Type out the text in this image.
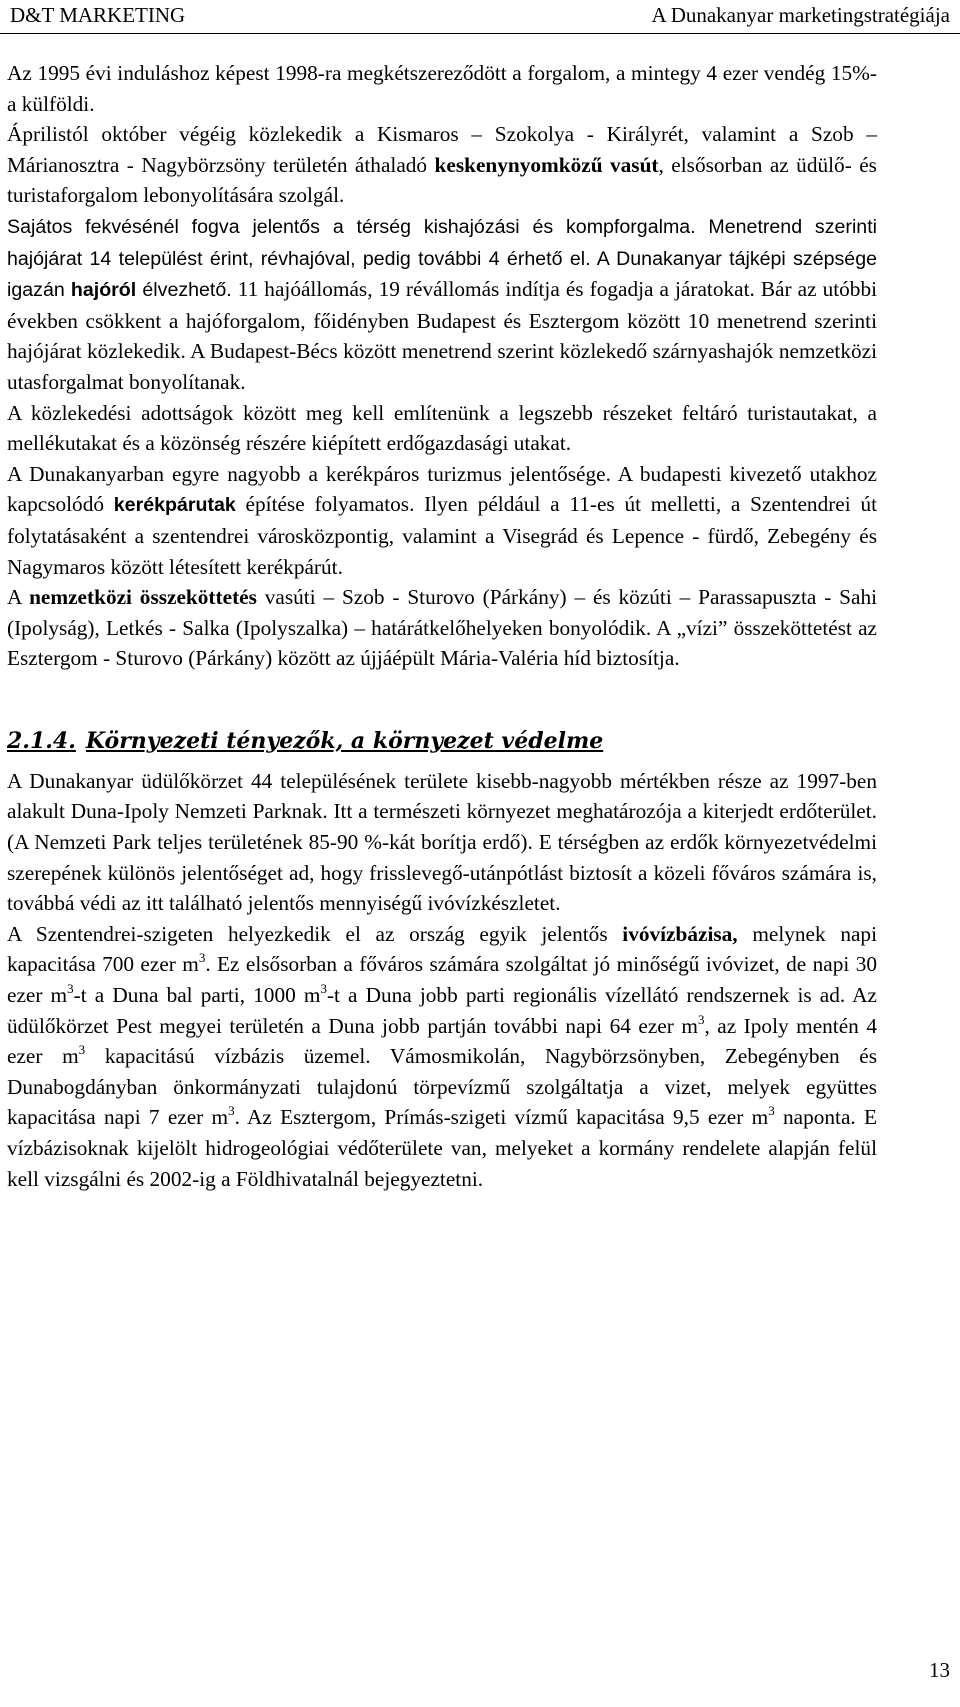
D&T MARKETING	A Dunakanyar marketingstratégiája

Az 1995 évi induláshoz képest 1998-ra megkétszereződött a forgalom, a mintegy 4 ezer vendég 15%-a külföldi.

Áprilistól október végéig közlekedik a Kismaros – Szokolya - Királyrét, valamint a Szob – Márianosztra - Nagybörzsöny területén áthaladó keskenynyomközű vasút, elsősorban az üdülő- és turistaforgalom lebonyolítására szolgál.

Sajátos fekvésénél fogva jelentős a térség kishajózási és kompforgalma. Menetrend szerinti hajójárat 14 települést érint, révhajóval, pedig további 4 érhető el. A Dunakanyar tájképi szépsége igazán hajóról élvezhető. 11 hajóállomás, 19 révállomás indítja és fogadja a járatokat. Bár az utóbbi években csökkent a hajóforgalom, főidényben Budapest és Esztergom között 10 menetrend szerinti hajójárat közlekedik. A Budapest-Bécs között menetrend szerint közlekedő szárnyashajók nemzetközi utasforgalmat bonyolítanak.

A közlekedési adottságok között meg kell említenünk a legszebb részeket feltáró turistautakat, a mellékutakat és a közönség részére kiépített erdőgazdasági utakat.

A Dunakanyarban egyre nagyobb a kerékpáros turizmus jelentősége. A budapesti kivezető utakhoz kapcsolódó kerékpárutak építése folyamatos. Ilyen például a 11-es út melletti, a Szentendrei út folytatásaként a szentendrei városközpontig, valamint a Visegrád és Lepence - fürdő, Zebegény és Nagymaros között létesített kerékpárút.

A nemzetközi összeköttetés vasúti – Szob - Sturovo (Párkány) – és közúti – Parassapuszta - Sahi (Ipolyság), Letkés - Salka (Ipolyszalka) – határátkelőhelyeken bonyolódik. A „vízi” összeköttetést az Esztergom - Sturovo (Párkány) között az újjáépült Mária-Valéria híd biztosítja.

2.1.4. Környezeti tényezők, a környezet védelme

A Dunakanyar üdülőkörzet 44 településének területe kisebb-nagyobb mértékben része az 1997-ben alakult Duna-Ipoly Nemzeti Parknak. Itt a természeti környezet meghatározója a kiterjedt erdőterület. (A Nemzeti Park teljes területének 85-90 %-kát borítja erdő). E térségben az erdők környezetvédelmi szerepének különös jelentőséget ad, hogy frisslevegő-utánpótlást biztosít a közeli főváros számára is, továbbá védi az itt található jelentős mennyiségű ivóvízkészletet.

A Szentendrei-szigeten helyezkedik el az ország egyik jelentős ivóvízbázisa, melynek napi kapacitása 700 ezer $m^3$. Ez elsősorban a főváros számára szolgáltat jó minőségű ivóvizet, de napi 30 ezer $m^3-t$ a Duna bal parti, 1000 $m^3-t$ a Duna jobb parti regionális vízellátó rendszernek is ad. Az üdülőkörzet Pest megyei területén a Duna jobb partján további napi 64 ezer $m^3$, az Ipoly mentén 4 ezer $m^3$ kapacitású vízbázis üzemel. Vámosmikolán, Nagybörzsönyben, Zebegényben és Dunabogdányban önkormányzati tulajdonú törpevízmű szolgáltatja a vizet, melyek együttes kapacitása napi 7 ezer $m^3$. Az Esztergom, Prímás-szigeti vízmű kapacitása 9,5 ezer $m^3$ naponta. E vízbázisoknak kijelölt hidrogeológiai védőterülete van, melyeket a kormány rendelete alapján felül kell vizsgálni és 2002-ig a Földhivatalnál bejegyeztetni.

13
